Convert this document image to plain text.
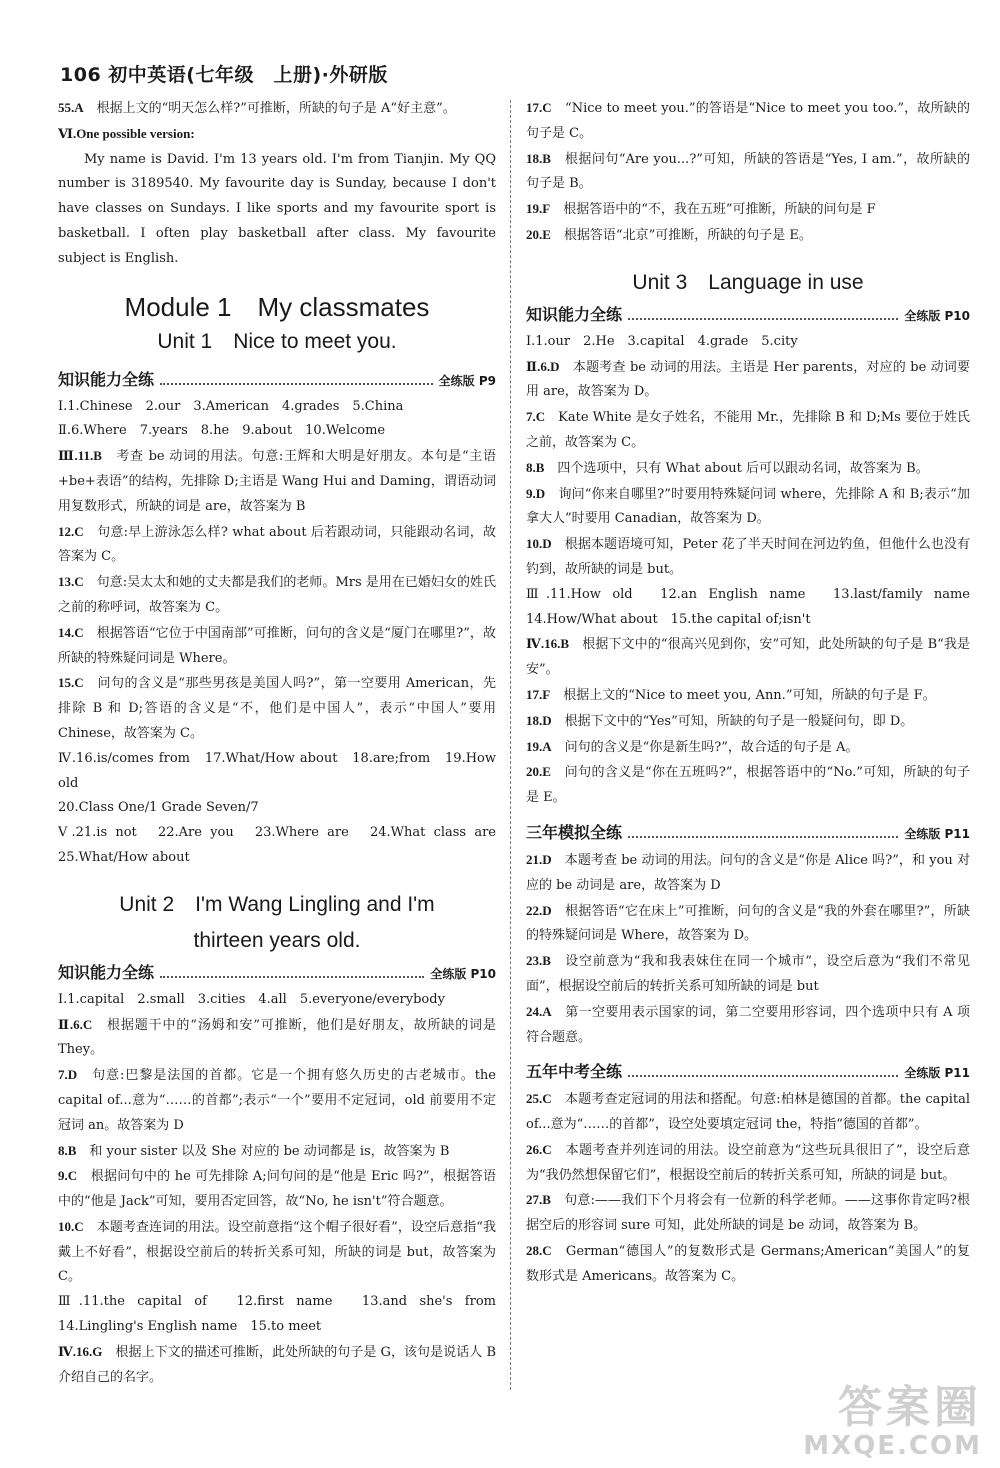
106 初中英语(七年级　上册)·外研版

55.A　根据上文的“明天怎么样?”可推断，所缺的句子是 A“好主意”。

Ⅵ.One possible version:

My name is David. I'm 13 years old. I'm from Tianjin. My QQ number is 3189540. My favourite day is Sunday, because I don't have classes on Sundays. I like sports and my favourite sport is basketball. I often play basketball after class. My favourite subject is English.

Module 1　My classmates

Unit 1　Nice to meet you.

知识能力全练	全练版 P9

Ⅰ.1.Chinese　2.our　3.American　4.grades　5.China

Ⅱ.6.Where　7.years　8.he　9.about　10.Welcome

Ⅲ.11.B　考查 be 动词的用法。句意:王辉和大明是好朋友。本句是“主语+be+表语”的结构，先排除 D;主语是 Wang Hui and Daming，谓语动词用复数形式，所缺的词是 are，故答案为 B

12.C　句意:早上游泳怎么样? what about 后若跟动词，只能跟动名词，故答案为 C。

13.C　句意:吴太太和她的丈夫都是我们的老师。Mrs 是用在已婚妇女的姓氏之前的称呼词，故答案为 C。

14.C　根据答语“它位于中国南部”可推断，问句的含义是“厦门在哪里?”，故所缺的特殊疑问词是 Where。

15.C　问句的含义是“那些男孩是美国人吗?”，第一空要用 American，先排除 B 和 D;答语的含义是“不，他们是中国人”，表示“中国人”要用 Chinese，故答案为 C。

Ⅳ.16.is/comes from　17.What/How about　18.are;from　19.How old

20.Class One/1 Grade Seven/7

Ⅴ.21.is not　22.Are you　23.Where are　24.What class are　25.What/How about

Unit 2　I'm Wang Lingling and I'm

thirteen years old.

知识能力全练	全练版 P10

Ⅰ.1.capital　2.small　3.cities　4.all　5.everyone/everybody

Ⅱ.6.C　根据题干中的“汤姆和安”可推断，他们是好朋友，故所缺的词是 They。

7.D　句意:巴黎是法国的首都。它是一个拥有悠久历史的古老城市。the capital of...意为“……的首都”;表示“一个”要用不定冠词，old 前要用不定冠词 an。故答案为 D

8.B　和 your sister 以及 She 对应的 be 动词都是 is，故答案为 B

9.C　根据问句中的 he 可先排除 A;问句问的是“他是 Eric 吗?”，根据答语中的“他是 Jack”可知，要用否定回答，故“No, he isn't”符合题意。

10.C　本题考查连词的用法。设空前意指“这个帽子很好看”，设空后意指“我戴上不好看”，根据设空前后的转折关系可知，所缺的词是 but，故答案为 C。

Ⅲ.11.the capital of　12.first name　13.and she's from　14.Lingling's English name　15.to meet

Ⅳ.16.G　根据上下文的描述可推断，此处所缺的句子是 G，该句是说话人 B 介绍自己的名字。

17.C　“Nice to meet you.”的答语是“Nice to meet you too.”，故所缺的句子是 C。

18.B　根据问句“Are you...?”可知，所缺的答语是“Yes, I am.”，故所缺的句子是 B。

19.F　根据答语中的“不，我在五班”可推断，所缺的问句是 F

20.E　根据答语“北京”可推断，所缺的句子是 E。

Unit 3　Language in use

知识能力全练	全练版 P10

Ⅰ.1.our　2.He　3.capital　4.grade　5.city

Ⅱ.6.D　本题考查 be 动词的用法。主语是 Her parents，对应的 be 动词要用 are，故答案为 D。

7.C　Kate White 是女子姓名，不能用 Mr.，先排除 B 和 D;Ms 要位于姓氏之前，故答案为 C。

8.B　四个选项中，只有 What about 后可以跟动名词，故答案为 B。

9.D　询问“你来自哪里?”时要用特殊疑问词 where，先排除 A 和 B;表示“加拿大人”时要用 Canadian，故答案为 D。

10.D　根据本题语境可知，Peter 花了半天时间在河边钓鱼，但他什么也没有钓到，故所缺的词是 but。

Ⅲ.11.How old　12.an English name　13.last/family name　14.How/What about　15.the capital of;isn't

Ⅳ.16.B　根据下文中的“很高兴见到你，安”可知，此处所缺的句子是 B“我是安”。

17.F　根据上文的“Nice to meet you, Ann.”可知，所缺的句子是 F。

18.D　根据下文中的“Yes”可知，所缺的句子是一般疑问句，即 D。

19.A　问句的含义是“你是新生吗?”，故合适的句子是 A。

20.E　问句的含义是“你在五班吗?”，根据答语中的“No.”可知，所缺的句子是 E。

三年模拟全练	全练版 P11

21.D　本题考查 be 动词的用法。问句的含义是“你是 Alice 吗?”，和 you 对应的 be 动词是 are，故答案为 D

22.D　根据答语“它在床上”可推断，问句的含义是“我的外套在哪里?”，所缺的特殊疑问词是 Where，故答案为 D。

23.B　设空前意为“我和我表妹住在同一个城市”，设空后意为“我们不常见面”，根据设空前后的转折关系可知所缺的词是 but

24.A　第一空要用表示国家的词，第二空要用形容词，四个选项中只有 A 项符合题意。

五年中考全练	全练版 P11

25.C　本题考查定冠词的用法和搭配。句意:柏林是德国的首都。the capital of...意为“……的首都”，设空处要填定冠词 the，特指“德国的首都”。

26.C　本题考查并列连词的用法。设空前意为“这些玩具很旧了”，设空后意为“我仍然想保留它们”，根据设空前后的转折关系可知，所缺的词是 but。

27.B　句意:——我们下个月将会有一位新的科学老师。——这事你肯定吗?根据空后的形容词 sure 可知，此处所缺的词是 be 动词，故答案为 B。

28.C　German“德国人”的复数形式是 Germans;American“美国人”的复数形式是 Americans。故答案为 C。

答案圈
MXQE.COM
